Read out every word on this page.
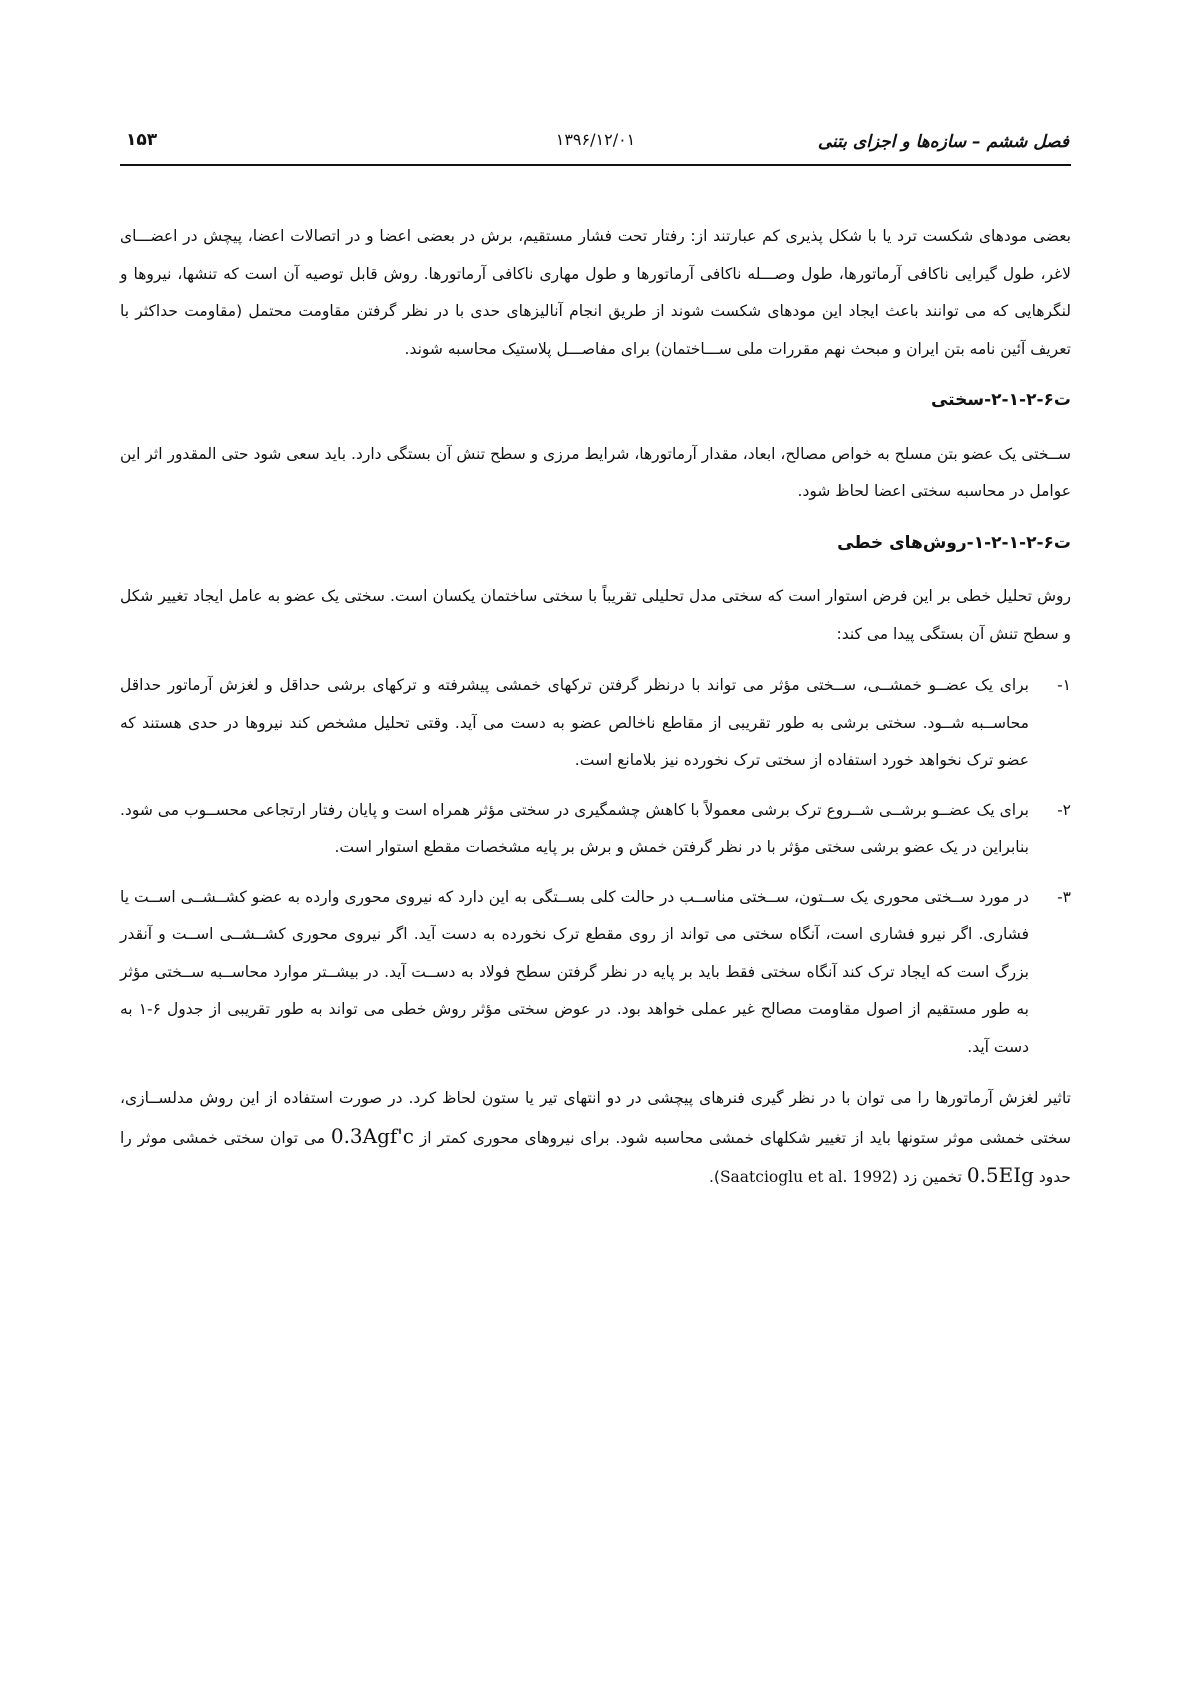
فصل ششم – سازه‌ها و اجزای بتنی
۱۳۹۶/۱۲/۰۱
۱۵۳

بعضی مودهای شکست ترد یا با شکل پذیری کم عبارتند از: رفتار تحت فشار مستقیم، برش در بعضی اعضا و در اتصالات اعضا، پیچش در اعضـــای لاغر، طول گیرایی ناکافی آرماتورها، طول وصـــله ناکافی آرماتورها و طول مهاری ناکافی آرماتورها. روش قابل توصیه آن است که تنشها، نیروها و لنگرهایی که می توانند باعث ایجاد این مودهای شکست شوند از طریق انجام آنالیزهای حدی با در نظر گرفتن مقاومت محتمل (مقاومت حداکثر با تعریف آئین نامه بتن ایران و مبحث نهم مقررات ملی ســـاختمان) برای مفاصـــل پلاستیک محاسبه شوند.

ت۶-۲-۱-۲-سختی

ســختی یک عضو بتن مسلح به خواص مصالح، ابعاد، مقدار آرماتورها، شرایط مرزی و سطح تنش آن بستگی دارد. باید سعی شود حتی المقدور اثر این عوامل در محاسبه سختی اعضا لحاظ شود.

ت۶-۲-۱-۲-۱-روش‌های خطی

روش تحلیل خطی بر این فرض استوار است که سختی مدل تحلیلی تقریباً با سختی ساختمان یکسان است. سختی یک عضو به عامل ایجاد تغییر شکل و سطح تنش آن بستگی پیدا می کند:

۱-
برای یک عضــو خمشــی، ســختی مؤثر می تواند با درنظر گرفتن ترکهای خمشی پیشرفته و ترکهای برشی حداقل و لغزش آرماتور حداقل محاســبه شــود. سختی برشی به طور تقریبی از مقاطع ناخالص عضو به دست می آید. وقتی تحلیل مشخص کند نیروها در حدی هستند که عضو ترک نخواهد خورد استفاده از سختی ترک نخورده نیز بلامانع است.
۲-
برای یک عضــو برشــی شــروع ترک برشی معمولاً با کاهش چشمگیری در سختی مؤثر همراه است و پایان رفتار ارتجاعی محســوب می شود. بنابراین در یک عضو برشی سختی مؤثر با در نظر گرفتن خمش و برش بر پایه مشخصات مقطع استوار است.
۳-
در مورد ســختی محوری یک ســتون، ســختی مناســب در حالت کلی بســتگی به این دارد که نیروی محوری وارده به عضو کشــشــی اســت یا فشاری. اگر نیرو فشاری است، آنگاه سختی می تواند از روی مقطع ترک نخورده به دست آید. اگر نیروی محوری کشــشــی اســت و آنقدر بزرگ است که ایجاد ترک کند آنگاه سختی فقط باید بر پایه در نظر گرفتن سطح فولاد به دســت آید. در بیشــتر موارد محاســبه ســختی مؤثر به طور مستقیم از اصول مقاومت مصالح غیر عملی خواهد بود. در عوض سختی مؤثر روش خطی می تواند به طور تقریبی از جدول ۶-۱ به دست آید.

تاثیر لغزش آرماتورها را می توان با در نظر گیری فنرهای پیچشی در دو انتهای تیر یا ستون لحاظ کرد. در صورت استفاده از این روش مدلســازی، سختی خمشی موثر ستونها باید از تغییر شکلهای خمشی محاسبه شود. برای نیروهای محوری کمتر از 0.3Agf'c می توان سختی خمشی موثر را حدود 0.5EIg تخمین زد (Saatcioglu et al. 1992).
